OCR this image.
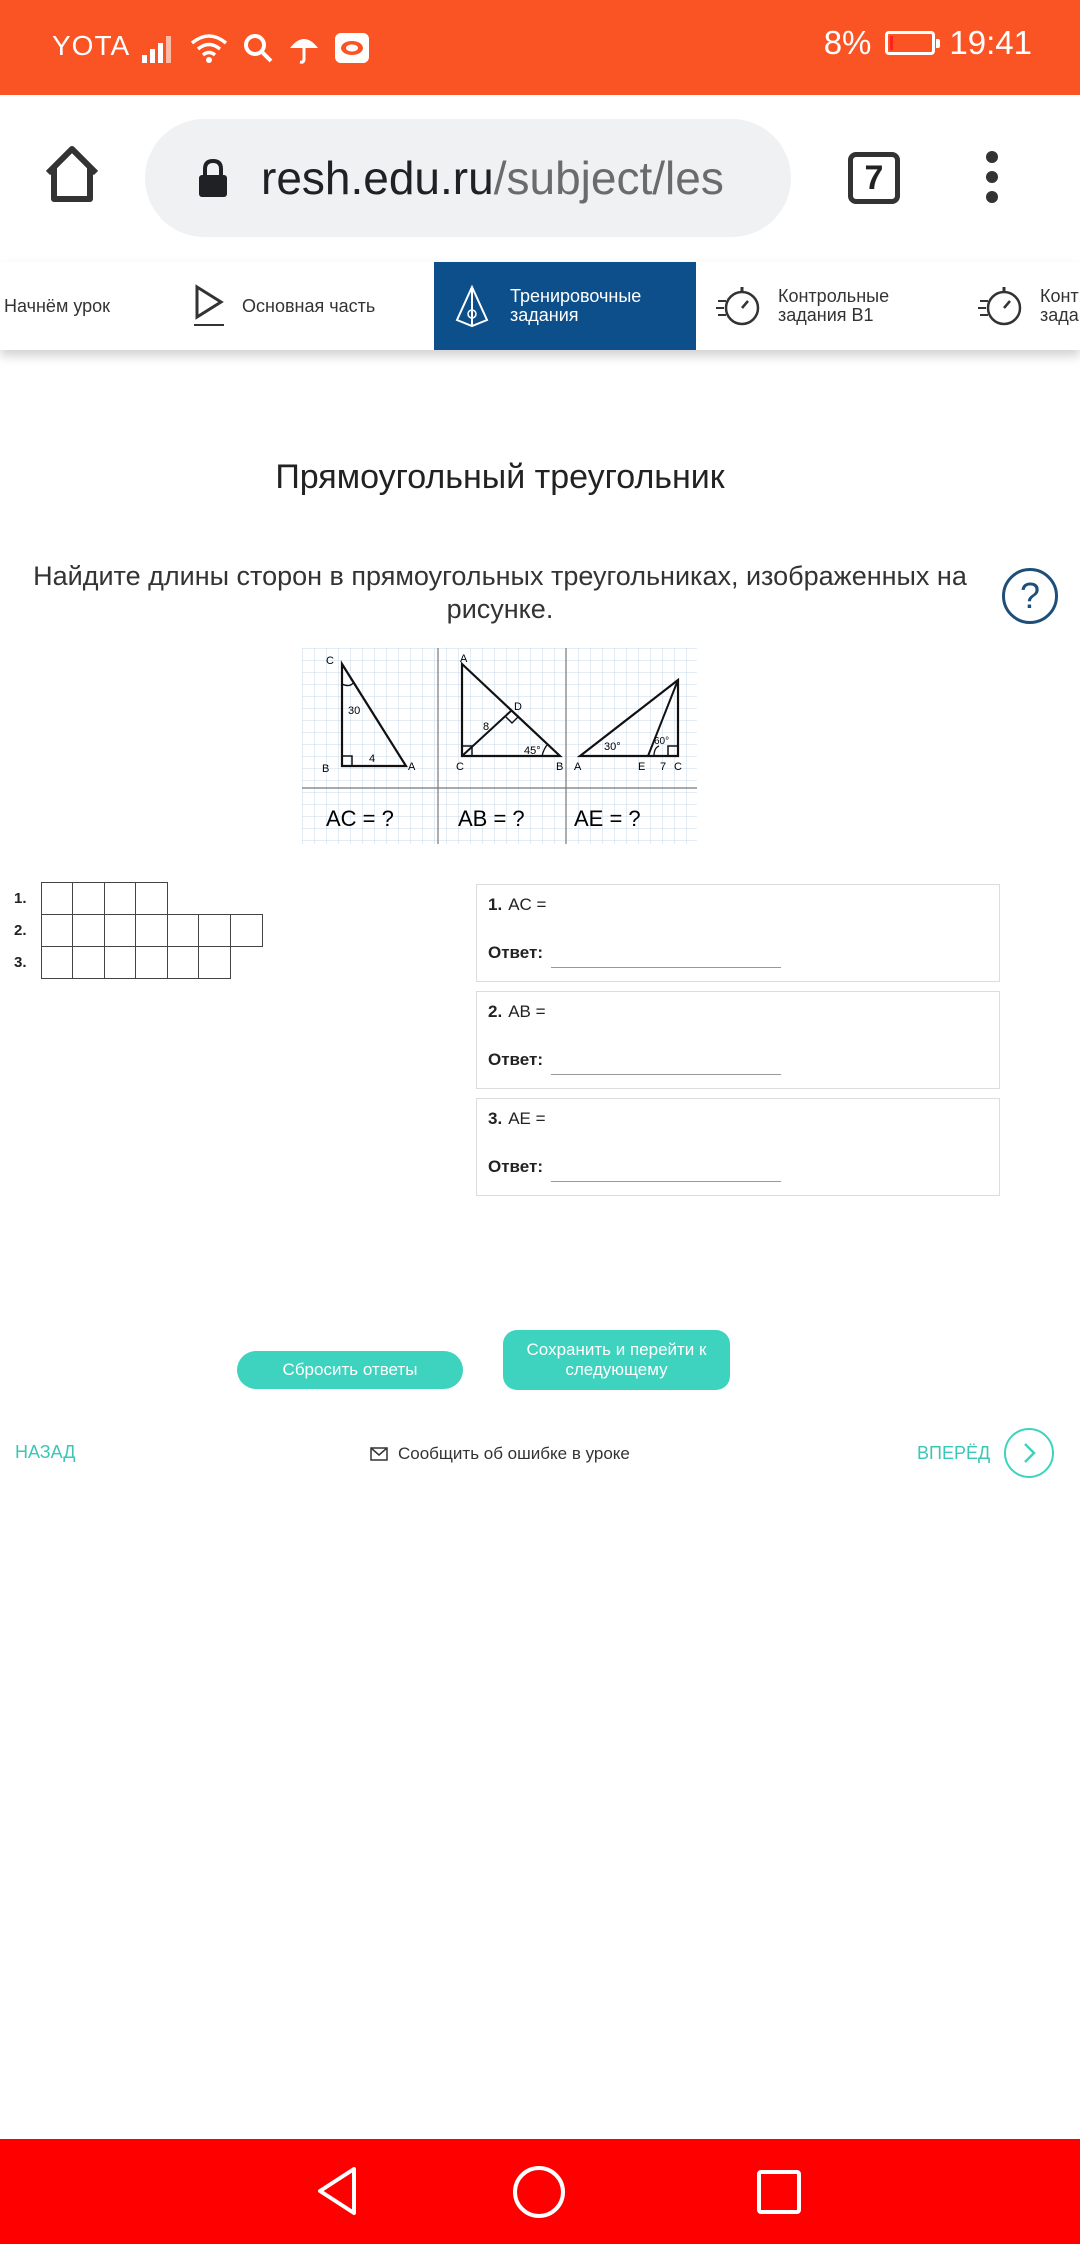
YOTA	8% 19:41
resh.edu.ru/subject/les	7
Начнём урок	Основная часть	Тренировочные
задания
Контрольные
задания В1
Конт
зада
Прямоугольный треугольник
Найдите длины сторон в прямоугольных треугольниках, изображенных на рисунке.	?
C
B	A
30
4
AC = ?
A
D
C	B
8
45°
AB = ?
A	E	C
30°	60°
7
AE = ?
1.
2.
3.
1. AC =
Ответ:
2. AB =
Ответ:
3. AE =
Ответ:
Сбросить ответы
Сохранить и перейти к
следующему
НАЗАД	Сообщить об ошибке в уроке	ВПЕРЁД
